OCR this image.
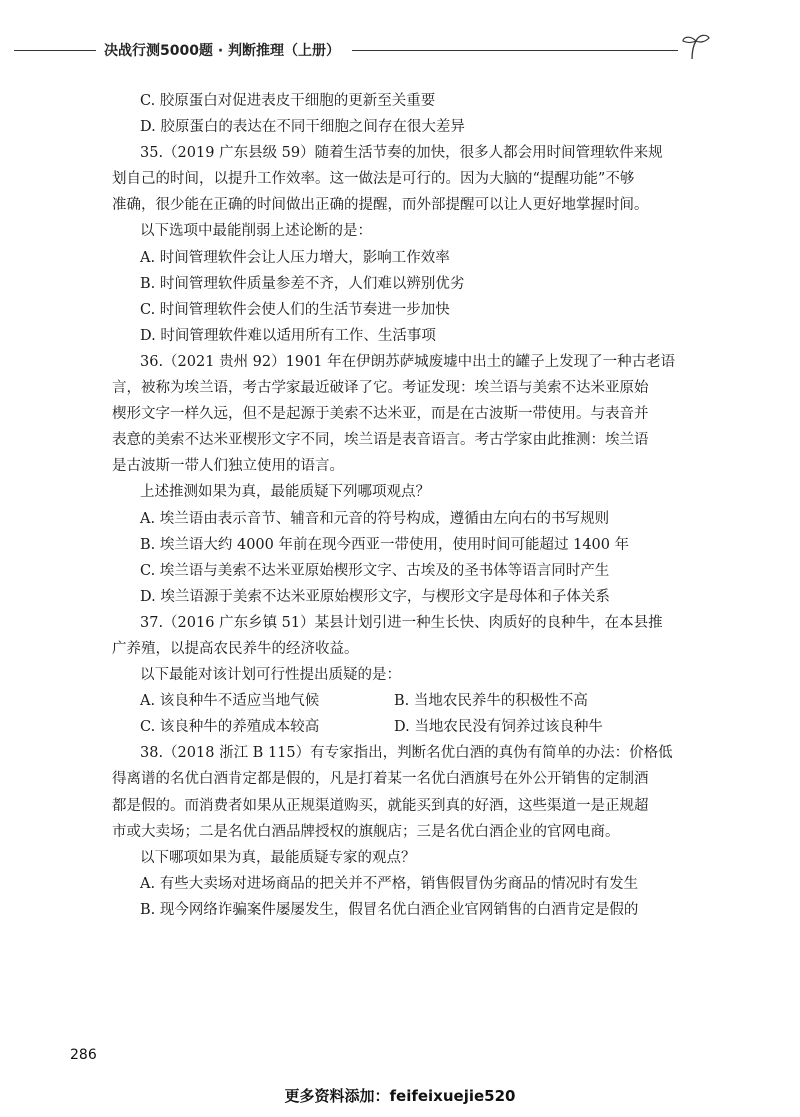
决战行测5000题 · 判断推理（上册）
C. 胶原蛋白对促进表皮干细胞的更新至关重要
D. 胶原蛋白的表达在不同干细胞之间存在很大差异
35.（2019 广东县级 59）随着生活节奏的加快，很多人都会用时间管理软件来规
划自己的时间，以提升工作效率。这一做法是可行的。因为大脑的“提醒功能”不够
准确，很少能在正确的时间做出正确的提醒，而外部提醒可以让人更好地掌握时间。
以下选项中最能削弱上述论断的是：
A. 时间管理软件会让人压力增大，影响工作效率
B. 时间管理软件质量参差不齐，人们难以辨别优劣
C. 时间管理软件会使人们的生活节奏进一步加快
D. 时间管理软件难以适用所有工作、生活事项
36.（2021 贵州 92）1901 年在伊朗苏萨城废墟中出土的罐子上发现了一种古老语
言，被称为埃兰语，考古学家最近破译了它。考证发现：埃兰语与美索不达米亚原始
楔形文字一样久远，但不是起源于美索不达米亚，而是在古波斯一带使用。与表音并
表意的美索不达米亚楔形文字不同，埃兰语是表音语言。考古学家由此推测：埃兰语
是古波斯一带人们独立使用的语言。
上述推测如果为真，最能质疑下列哪项观点？
A. 埃兰语由表示音节、辅音和元音的符号构成，遵循由左向右的书写规则
B. 埃兰语大约 4000 年前在现今西亚一带使用，使用时间可能超过 1400 年
C. 埃兰语与美索不达米亚原始楔形文字、古埃及的圣书体等语言同时产生
D. 埃兰语源于美索不达米亚原始楔形文字，与楔形文字是母体和子体关系
37.（2016 广东乡镇 51）某县计划引进一种生长快、肉质好的良种牛，在本县推
广养殖，以提高农民养牛的经济收益。
以下最能对该计划可行性提出质疑的是：
A. 该良种牛不适应当地气候	B. 当地农民养牛的积极性不高
C. 该良种牛的养殖成本较高	D. 当地农民没有饲养过该良种牛
38.（2018 浙江 B 115）有专家指出，判断名优白酒的真伪有简单的办法：价格低
得离谱的名优白酒肯定都是假的，凡是打着某一名优白酒旗号在外公开销售的定制酒
都是假的。而消费者如果从正规渠道购买，就能买到真的好酒，这些渠道一是正规超
市或大卖场；二是名优白酒品牌授权的旗舰店；三是名优白酒企业的官网电商。
以下哪项如果为真，最能质疑专家的观点？
A. 有些大卖场对进场商品的把关并不严格，销售假冒伪劣商品的情况时有发生
B. 现今网络诈骗案件屡屡发生，假冒名优白酒企业官网销售的白酒肯定是假的
286
更多资料添加：feifeixuejie520
